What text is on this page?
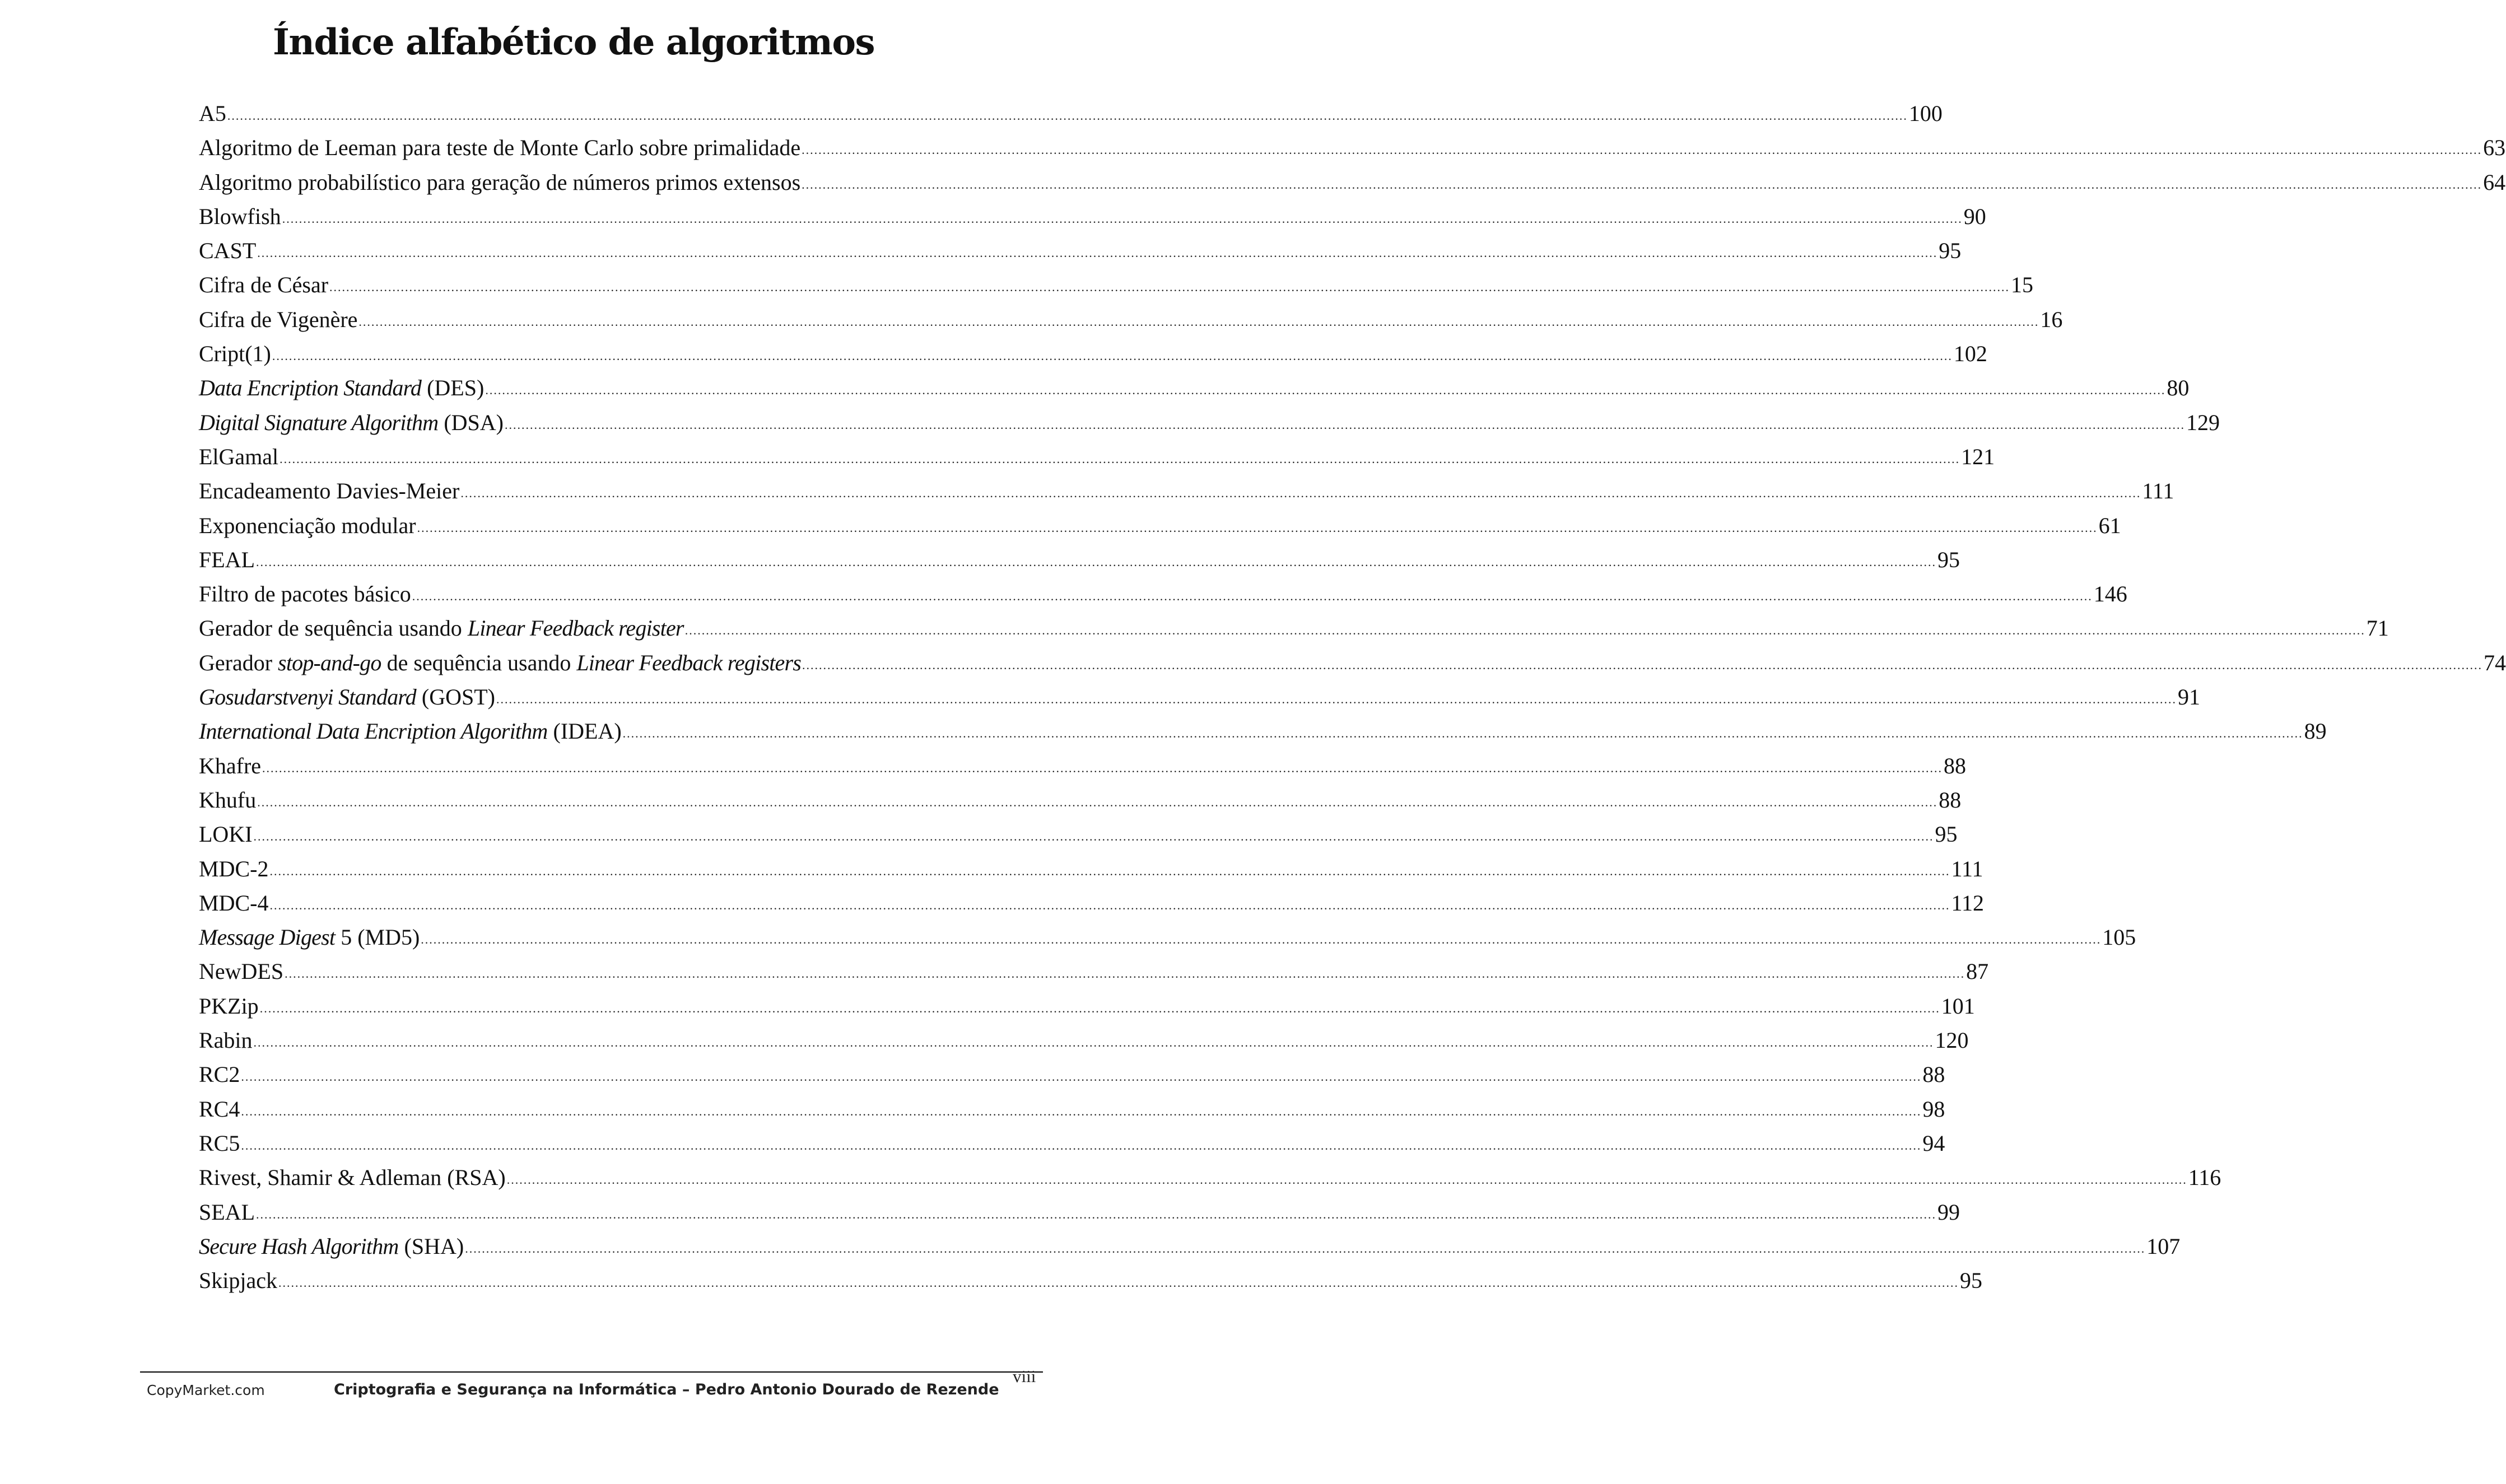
Índice alfabético de algoritmos
A5 ................................................................................................................................................................................................................................................................................................................................................................................................................ 100
Algoritmo de Leeman para teste de Monte Carlo sobre primalidade ................................................................................................................................................................................................................................................................................................................................................................................................................ 63
Algoritmo probabilístico para geração de números primos extensos ................................................................................................................................................................................................................................................................................................................................................................................................................ 64
Blowfish ................................................................................................................................................................................................................................................................................................................................................................................................................ 90
CAST ................................................................................................................................................................................................................................................................................................................................................................................................................ 95
Cifra de César ................................................................................................................................................................................................................................................................................................................................................................................................................ 15
Cifra de Vigenère ................................................................................................................................................................................................................................................................................................................................................................................................................ 16
Cript(1) ................................................................................................................................................................................................................................................................................................................................................................................................................ 102
Data Encription Standard (DES) ................................................................................................................................................................................................................................................................................................................................................................................................................ 80
Digital Signature Algorithm (DSA) ................................................................................................................................................................................................................................................................................................................................................................................................................ 129
ElGamal ................................................................................................................................................................................................................................................................................................................................................................................................................ 121
Encadeamento Davies-Meier ................................................................................................................................................................................................................................................................................................................................................................................................................ 111
Exponenciação modular ................................................................................................................................................................................................................................................................................................................................................................................................................ 61
FEAL ................................................................................................................................................................................................................................................................................................................................................................................................................ 95
Filtro de pacotes básico ................................................................................................................................................................................................................................................................................................................................................................................................................ 146
Gerador de sequência usando Linear Feedback register ................................................................................................................................................................................................................................................................................................................................................................................................................ 71
Gerador stop-and-go de sequência usando Linear Feedback registers ................................................................................................................................................................................................................................................................................................................................................................................................................ 74
Gosudarstvenyi Standard (GOST) ................................................................................................................................................................................................................................................................................................................................................................................................................ 91
International Data Encription Algorithm (IDEA) ................................................................................................................................................................................................................................................................................................................................................................................................................ 89
Khafre ................................................................................................................................................................................................................................................................................................................................................................................................................ 88
Khufu ................................................................................................................................................................................................................................................................................................................................................................................................................ 88
LOKI ................................................................................................................................................................................................................................................................................................................................................................................................................ 95
MDC-2 ................................................................................................................................................................................................................................................................................................................................................................................................................ 111
MDC-4 ................................................................................................................................................................................................................................................................................................................................................................................................................ 112
Message Digest 5 (MD5) ................................................................................................................................................................................................................................................................................................................................................................................................................ 105
NewDES ................................................................................................................................................................................................................................................................................................................................................................................................................ 87
PKZip ................................................................................................................................................................................................................................................................................................................................................................................................................ 101
Rabin ................................................................................................................................................................................................................................................................................................................................................................................................................ 120
RC2 ................................................................................................................................................................................................................................................................................................................................................................................................................ 88
RC4 ................................................................................................................................................................................................................................................................................................................................................................................................................ 98
RC5 ................................................................................................................................................................................................................................................................................................................................................................................................................ 94
Rivest, Shamir & Adleman (RSA) ................................................................................................................................................................................................................................................................................................................................................................................................................ 116
SEAL ................................................................................................................................................................................................................................................................................................................................................................................................................ 99
Secure Hash Algorithm (SHA) ................................................................................................................................................................................................................................................................................................................................................................................................................ 107
Skipjack ................................................................................................................................................................................................................................................................................................................................................................................................................ 95
CopyMarket.com	Criptografia e Segurança na Informática – Pedro Antonio Dourado de Rezende
viii
